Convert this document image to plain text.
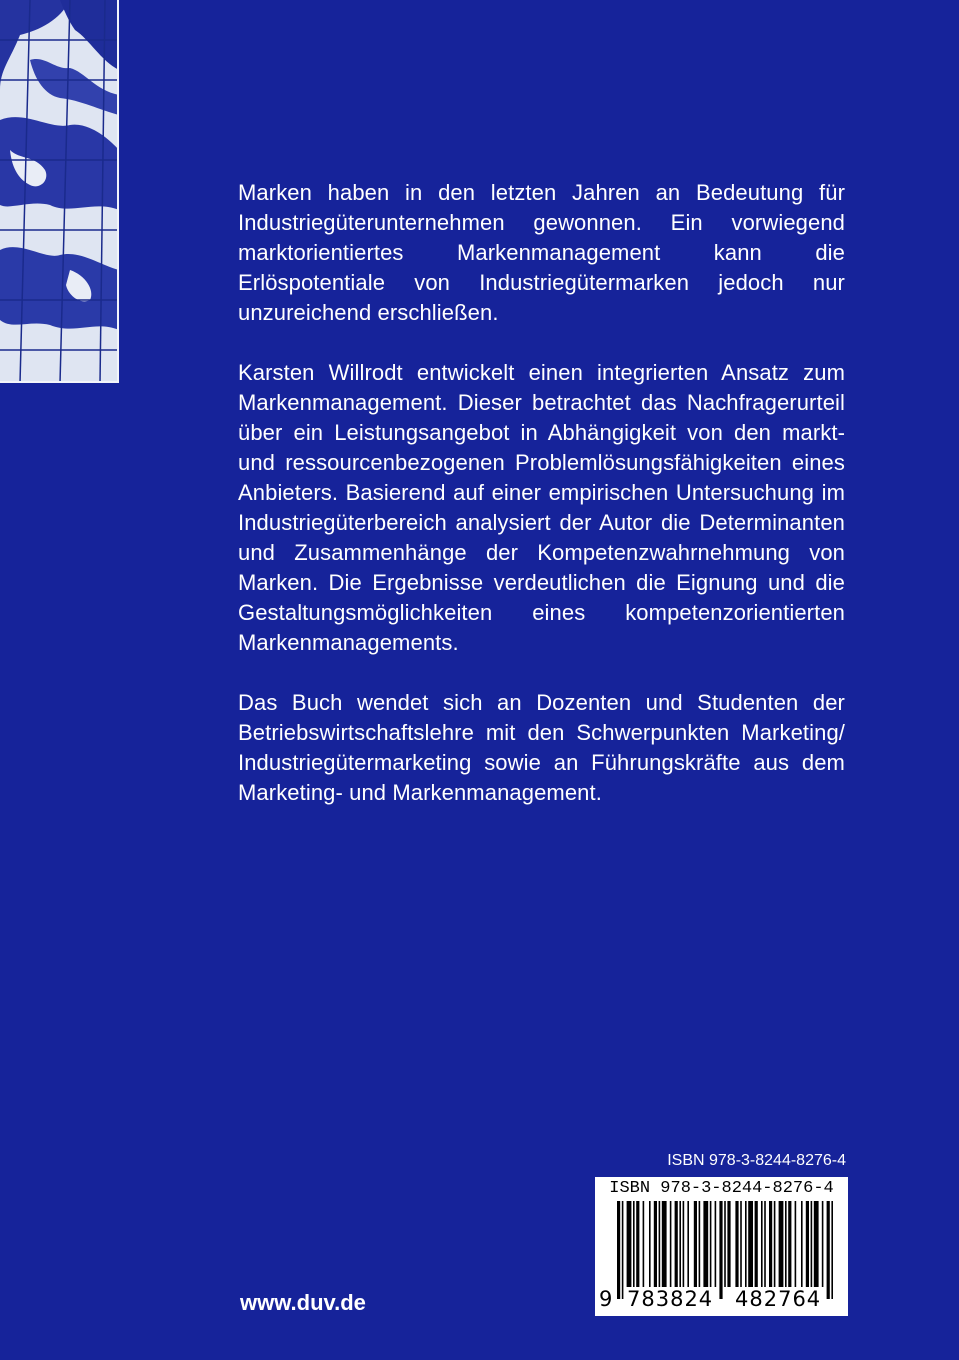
Marken haben in den letzten Jahren an Bedeutung für Industriegüterunternehmen gewonnen. Ein vorwiegend marktorientiertes Markenmanagement kann die Erlöspotentiale von Industriegütermarken jedoch nur unzureichend erschließen.

Karsten Willrodt entwickelt einen integrierten Ansatz zum Markenmanagement. Dieser betrachtet das Nachfragerurteil über ein Leistungsangebot in Abhängigkeit von den markt- und ressourcenbezogenen Problemlösungsfähigkeiten eines Anbieters. Basierend auf einer empirischen Untersuchung im Industriegüterbereich analysiert der Autor die Determinanten und Zusammenhänge der Kompetenzwahrnehmung von Marken. Die Ergebnisse verdeutlichen die Eignung und die Gestaltungsmöglichkeiten eines kompetenzorientierten Markenmanagements.

Das Buch wendet sich an Dozenten und Studenten der Betriebswirtschaftslehre mit den Schwerpunkten Marketing/ Industriegütermarketing sowie an Führungskräfte aus dem Marketing- und Markenmanagement.

ISBN 978-3-8244-8276-4
ISBN 978-3-8244-8276-4
9 783824 482764
www.duv.de
